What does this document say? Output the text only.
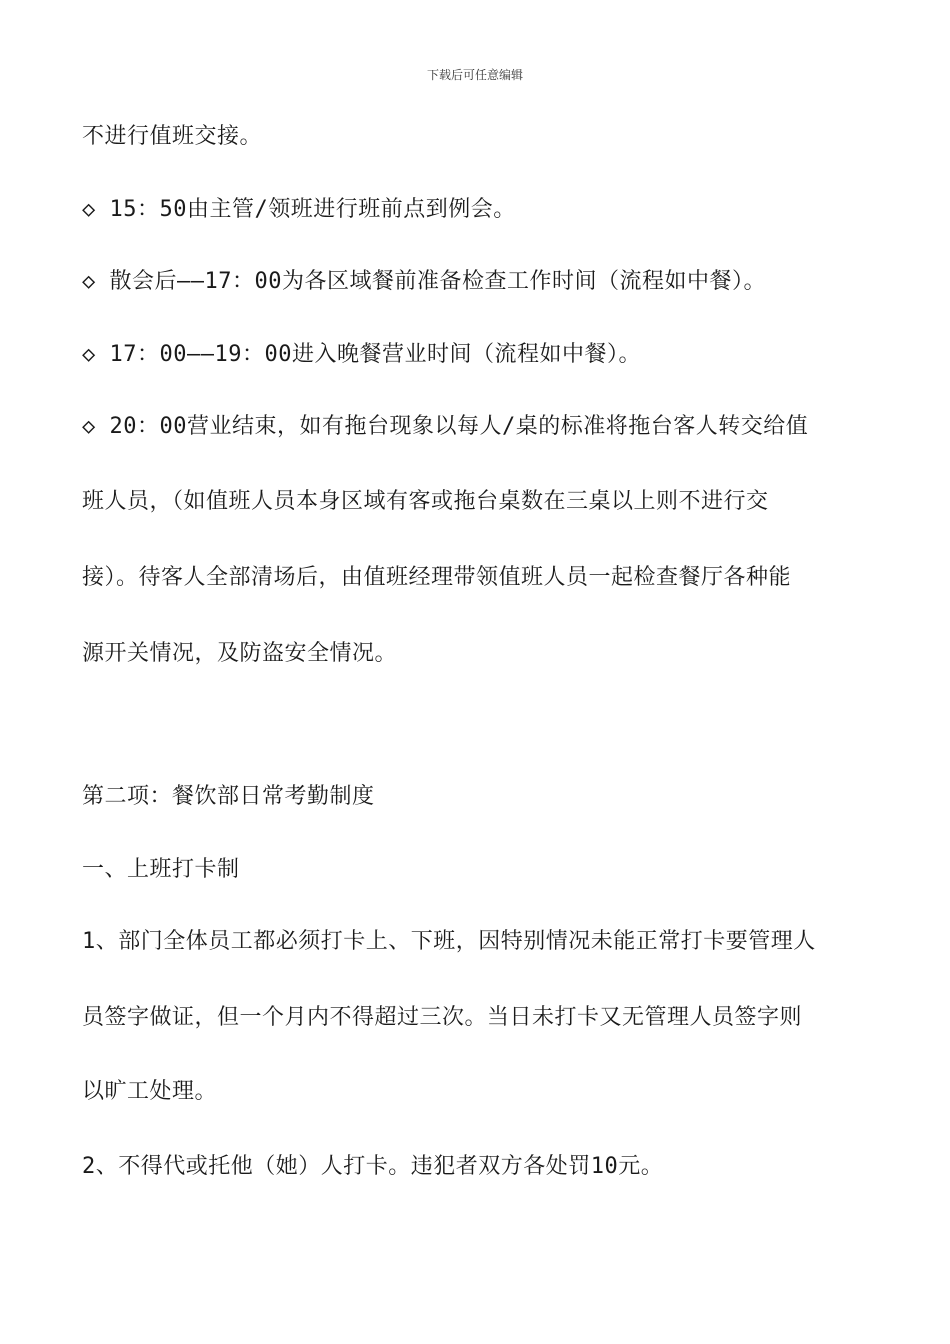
下载后可任意编辑
不进行值班交接。
◇ 15：50由主管/领班进行班前点到例会。
◇ 散会后——17：00为各区域餐前准备检查工作时间（流程如中餐）。
◇ 17：00——19：00进入晚餐营业时间（流程如中餐）。
◇ 20：00营业结束，如有拖台现象以每人/桌的标准将拖台客人转交给值
班人员，（如值班人员本身区域有客或拖台桌数在三桌以上则不进行交
接）。待客人全部清场后，由值班经理带领值班人员一起检查餐厅各种能
源开关情况，及防盗安全情况。
第二项：餐饮部日常考勤制度
一、上班打卡制
1、部门全体员工都必须打卡上、下班，因特别情况未能正常打卡要管理人
员签字做证，但一个月内不得超过三次。当日未打卡又无管理人员签字则
以旷工处理。
2、不得代或托他（她）人打卡。违犯者双方各处罚10元。
